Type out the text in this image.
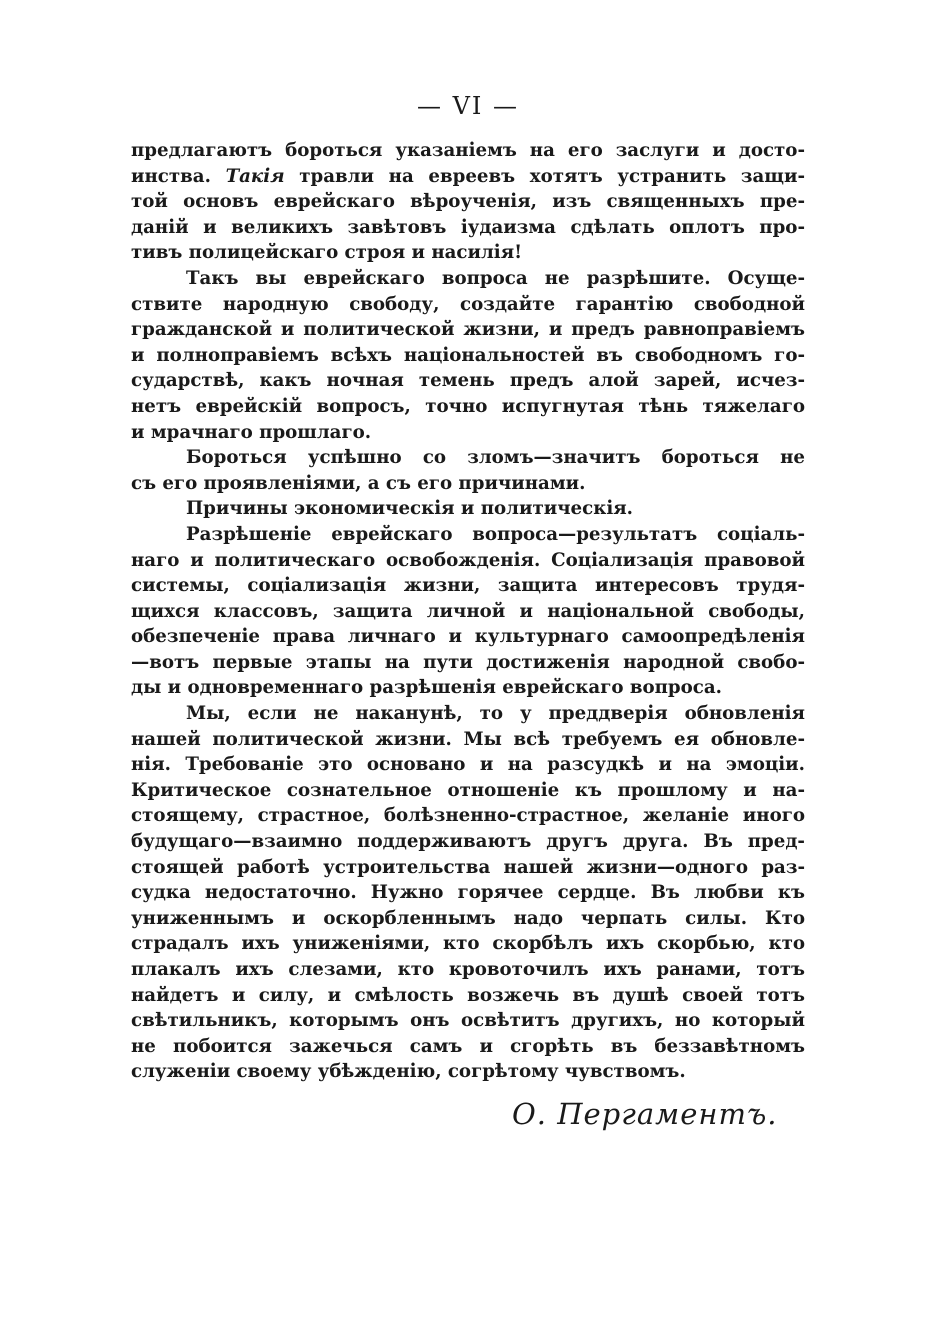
— VI —
предлагаютъ бороться указаніемъ на его заслуги и досто-
инства. Такія травли на евреевъ хотятъ устранить защи-
той основъ еврейскаго вѣроученія, изъ священныхъ пре-
даній и великихъ завѣтовъ іудаизма сдѣлать оплотъ про-
тивъ полицейскаго строя и насилія!
Такъ вы еврейскаго вопроса не разрѣшите. Осуще-
ствите народную свободу, создайте гарантію свободной
гражданской и политической жизни, и предъ равноправіемъ
и полноправіемъ всѣхъ національностей въ свободномъ го-
сударствѣ, какъ ночная темень предъ алой зарей, исчез-
нетъ еврейскій вопросъ, точно испугнутая тѣнь тяжелаго
и мрачнаго прошлаго.
Бороться успѣшно со зломъ—значитъ бороться не
съ его проявленіями, а съ его причинами.
Причины экономическія и политическія.
Разрѣшеніе еврейскаго вопроса—результатъ соціаль-
наго и политическаго освобожденія. Соціализація правовой
системы, соціализація жизни, защита интересовъ трудя-
щихся классовъ, защита личной и національной свободы,
обезпеченіе права личнаго и культурнаго самоопредѣленія
—вотъ первые этапы на пути достиженія народной свобо-
ды и одновременнаго разрѣшенія еврейскаго вопроса.
Мы, если не наканунѣ, то у преддверія обновленія
нашей политической жизни. Мы всѣ требуемъ ея обновле-
нія. Требованіе это основано и на разсудкѣ и на эмоціи.
Критическое сознательное отношеніе къ прошлому и на-
стоящему, страстное, болѣзненно-страстное, желаніе иного
будущаго—взаимно поддерживаютъ другъ друга. Въ пред-
стоящей работѣ устроительства нашей жизни—одного раз-
судка недостаточно. Нужно горячее сердце. Въ любви къ
униженнымъ и оскорбленнымъ надо черпать силы. Кто
страдалъ ихъ униженіями, кто скорбѣлъ ихъ скорбью, кто
плакалъ ихъ слезами, кто кровоточилъ ихъ ранами, тотъ
найдетъ и силу, и смѣлость возжечь въ душѣ своей тотъ
свѣтильникъ, которымъ онъ освѣтитъ другихъ, но который
не побоится зажечься самъ и сгорѣть въ беззавѣтномъ
служеніи своему убѣжденію, согрѣтому чувствомъ.
О. Пергаментъ.
